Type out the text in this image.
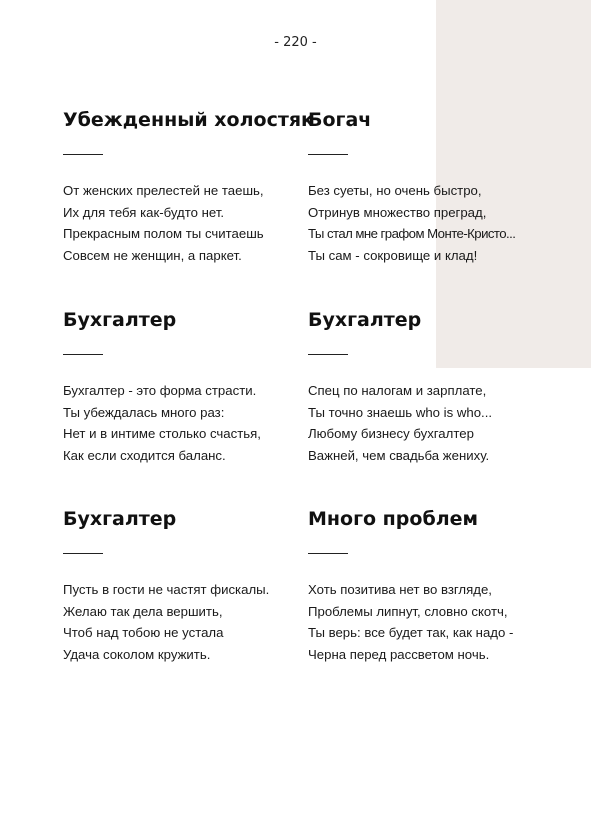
- 220 -
Убежденный холостяк
От женских прелестей не таешь,
Их для тебя как-будто нет.
Прекрасным полом ты считаешь
Совсем не женщин, а паркет.
Богач
Без суеты, но очень быстро,
Отринув множество преград,
Ты стал мне графом Монте-Кристо...
Ты сам - сокровище и клад!
Бухгалтер
Бухгалтер - это форма страсти.
Ты убеждалась много раз:
Нет и в интиме столько счастья,
Как если сходится баланс.
Бухгалтер
Спец по налогам и зарплате,
Ты точно знаешь who is who...
Любому бизнесу бухгалтер
Важней, чем свадьба жениху.
Бухгалтер
Пусть в гости не частят фискалы.
Желаю так дела вершить,
Чтоб над тобою не устала
Удача соколом кружить.
Много проблем
Хоть позитива нет во взгляде,
Проблемы липнут, словно скотч,
Ты верь: все будет так, как надо -
Черна перед рассветом ночь.
